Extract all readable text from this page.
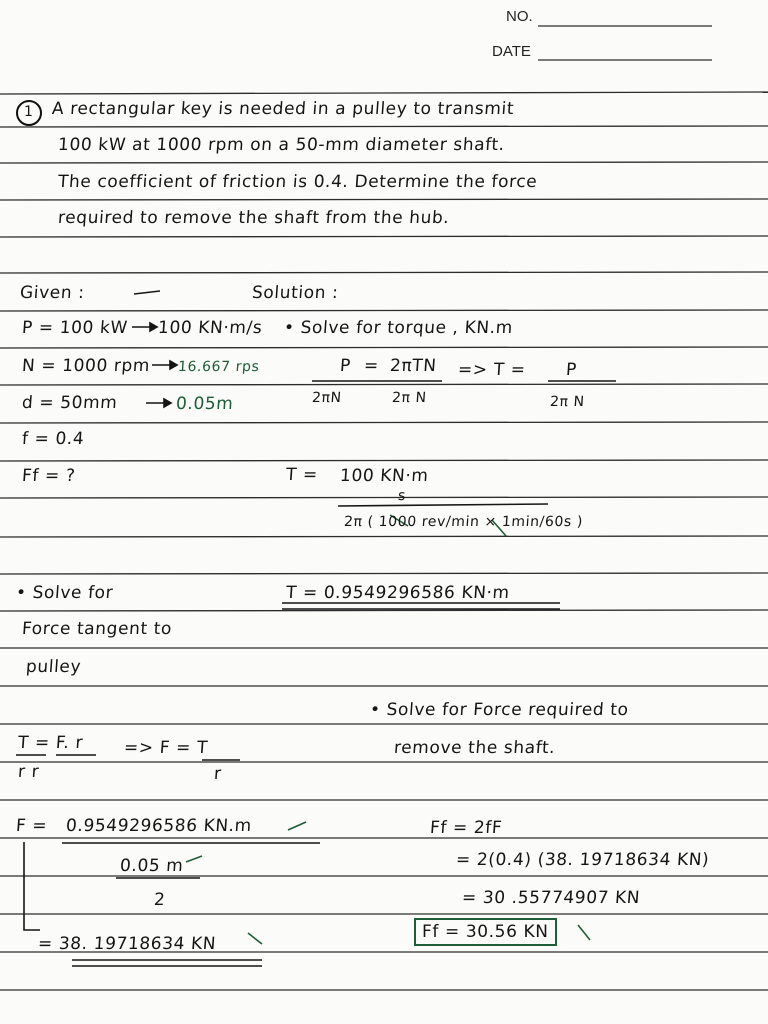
NO.
DATE
1 A rectangular key is needed in a pulley to transmit
100 kW at 1000 rpm on a 50-mm diameter shaft.
The coefficient of friction is 0.4. Determine the force
required to remove the shaft from the hub.
Given :
P = 100 kW 100 KN·m/s
N = 1000 rpm 16.667 rps
d = 50mm	0.05m
f = 0.4
Ff = ?
Solution :
• Solve for torque , KN.m
P = 2πTN
2πN	2π N
=> T = P
2π N
T = 100 KN·m
s
2π ( 1000 rev/min × 1min/60s )
T = 0.9549296586 KN·m
• Solve for
Force tangent to
pulley
T = F. r
r r
=> F = T
r
F = 0.9549296586 KN.m
0.05 m
2
= 38. 19718634 KN
• Solve for Force required to
remove the shaft.
Ff = 2fF
= 2(0.4) (38. 19718634 KN)
= 30 .55774907 KN
Ff = 30.56 KN
